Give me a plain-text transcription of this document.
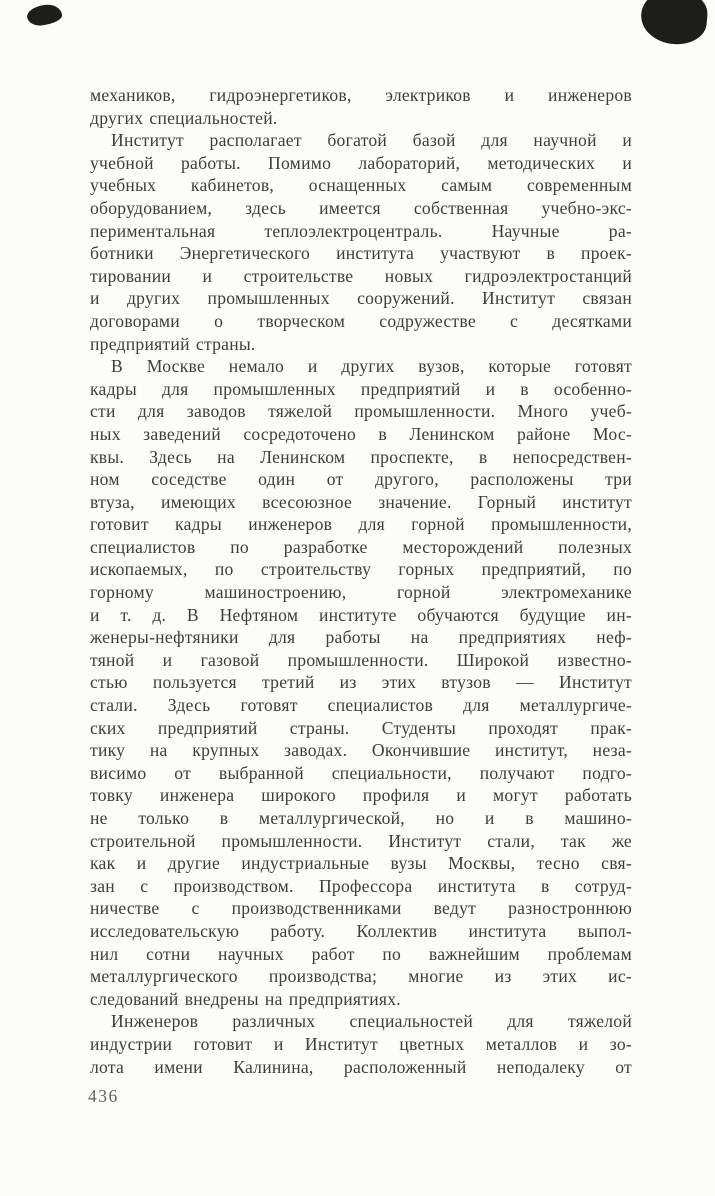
механиков, гидроэнергетиков, электриков и инженеров
других специальностей.
Институт располагает богатой базой для научной и
учебной работы. Помимо лабораторий, методических и
учебных кабинетов, оснащенных самым современным
оборудованием, здесь имеется собственная учебно-экс-
периментальная теплоэлектроцентраль. Научные ра-
ботники Энергетического института участвуют в проек-
тировании и строительстве новых гидроэлектростанций
и других промышленных сооружений. Институт связан
договорами о творческом содружестве с десятками
предприятий страны.
В Москве немало и других вузов, которые готовят
кадры для промышленных предприятий и в особенно-
сти для заводов тяжелой промышленности. Много учеб-
ных заведений сосредоточено в Ленинском районе Мос-
квы. Здесь на Ленинском проспекте, в непосредствен-
ном соседстве один от другого, расположены три
втуза, имеющих всесоюзное значение. Горный институт
готовит кадры инженеров для горной промышленности,
специалистов по разработке месторождений полезных
ископаемых, по строительству горных предприятий, по
горному машиностроению, горной электромеханике
и т. д. В Нефтяном институте обучаются будущие ин-
женеры-нефтяники для работы на предприятиях неф-
тяной и газовой промышленности. Широкой известно-
стью пользуется третий из этих втузов — Институт
стали. Здесь готовят специалистов для металлургиче-
ских предприятий страны. Студенты проходят прак-
тику на крупных заводах. Окончившие институт, неза-
висимо от выбранной специальности, получают подго-
товку инженера широкого профиля и могут работать
не только в металлургической, но и в машино-
строительной промышленности. Институт стали, так же
как и другие индустриальные вузы Москвы, тесно свя-
зан с производством. Профессора института в сотруд-
ничестве с производственниками ведут разностроннюю
исследовательскую работу. Коллектив института выпол-
нил сотни научных работ по важнейшим проблемам
металлургического производства; многие из этих ис-
следований внедрены на предприятиях.
Инженеров различных специальностей для тяжелой
индустрии готовит и Институт цветных металлов и зо-
лота имени Калинина, расположенный неподалеку от
436
